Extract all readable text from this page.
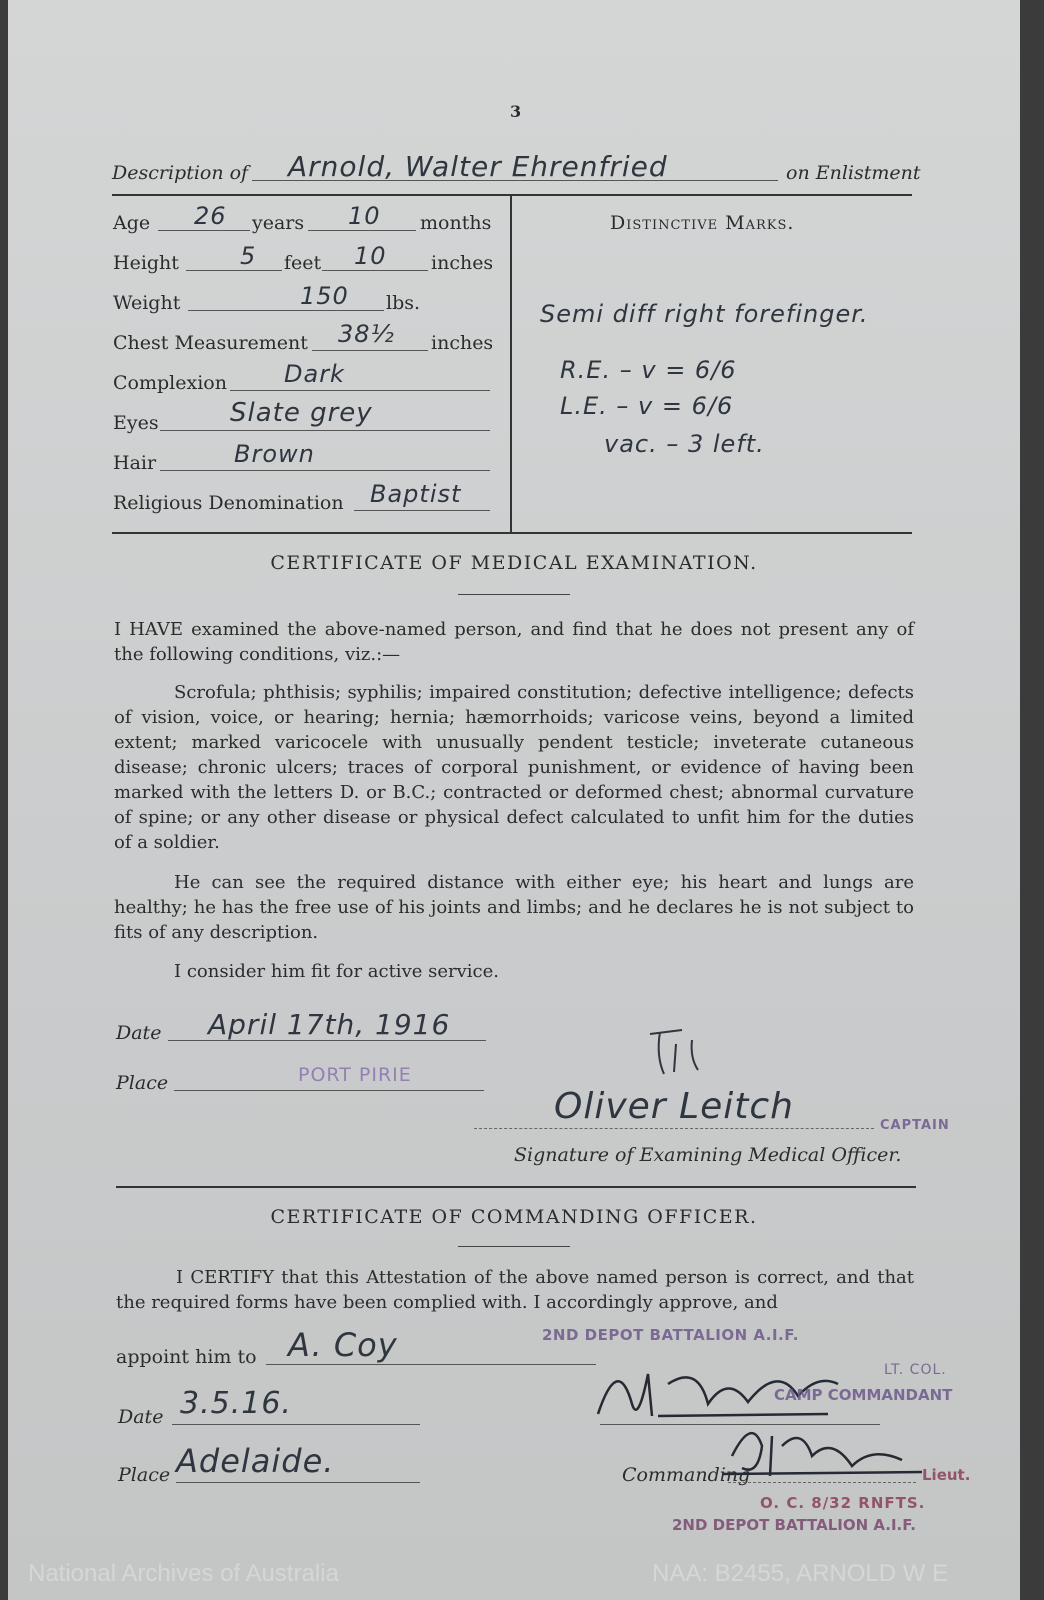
3
Description of Arnold, Walter Ehrenfried	on Enlistment
Age 26 years 10 months
Height	5 feet 10 inches
Weight	150 lbs.
Chest Measurement 38½ inches
Complexion Dark
Eyes	Slate grey
Hair	Brown
Religious Denomination Baptist
Distinctive Marks.
Semi diff right forefinger.
R.E. – v = 6/6
L.E. – v = 6/6
vac. – 3 left.
CERTIFICATE OF MEDICAL EXAMINATION.
I HAVE examined the above-named person, and find that he does not present any of the following conditions, viz.:—
Scrofula; phthisis; syphilis; impaired constitution; defective intelligence; defects of vision, voice, or hearing; hernia; hæmorrhoids; varicose veins, beyond a limited extent; marked varicocele with unusually pendent testicle; inveterate cutaneous disease; chronic ulcers; traces of corporal punishment, or evidence of having been marked with the letters D. or B.C.; contracted or deformed chest; abnormal curvature of spine; or any other disease or physical defect calculated to unfit him for the duties of a soldier.
He can see the required distance with either eye; his heart and lungs are healthy; he has the free use of his joints and limbs; and he declares he is not subject to fits of any description.
I consider him fit for active service.
Date April 17th, 1916
Place	PORT PIRIE
Oliver Leitch	CAPTAIN
Signature of Examining Medical Officer.
CERTIFICATE OF COMMANDING OFFICER.
I CERTIFY that this Attestation of the above named person is correct, and that the required forms have been complied with. I accordingly approve, and
appoint him to A. Coy	2ND DEPOT BATTALION A.I.F.
LT. COL.
CAMP COMMANDANT
Date 3.5.16.
Place Adelaide.	Commanding	Lieut.
O. C. 8/32 RNFTS.
2ND DEPOT BATTALION A.I.F.
National Archives of Australia	NAA: B2455, ARNOLD W E
